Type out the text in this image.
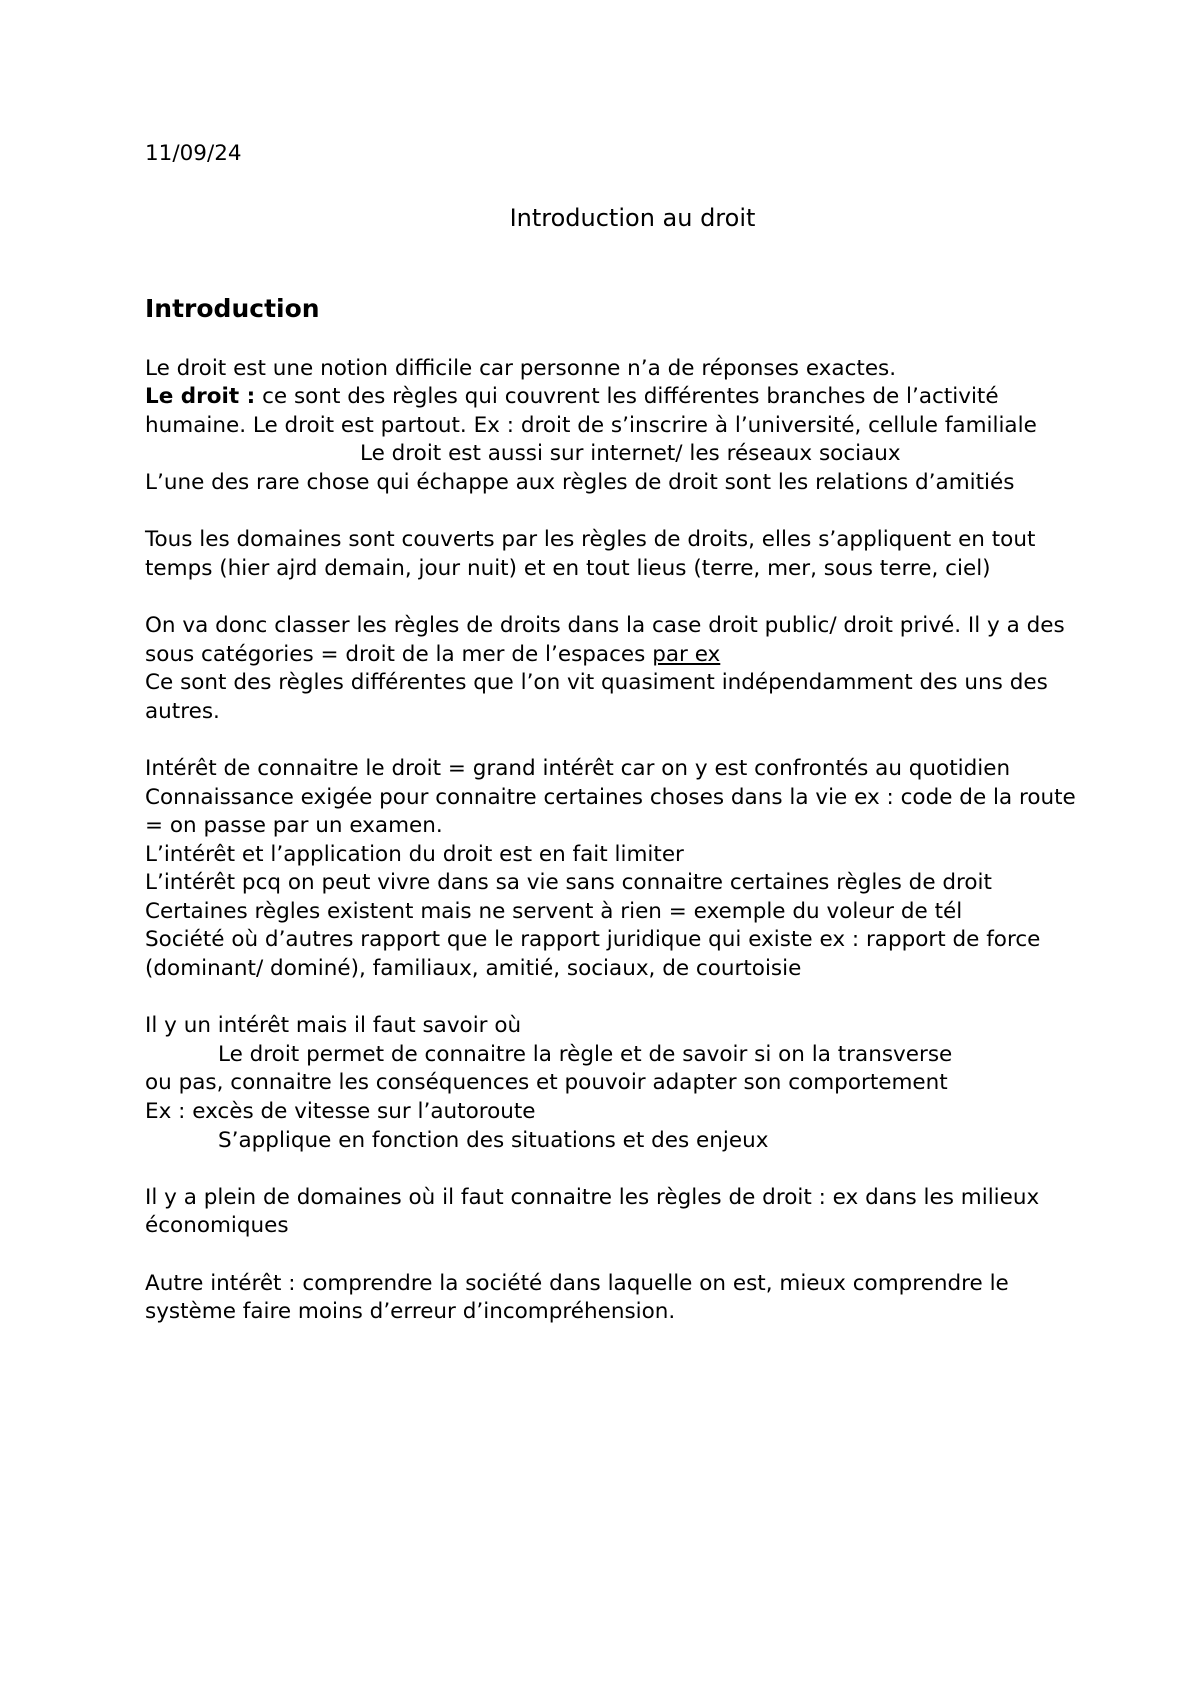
11/09/24

Introduction au droit
Introduction

Le droit est une notion difficile car personne n’a de réponses exactes.

Le droit : ce sont des règles qui couvrent les différentes branches de l’activité humaine. Le droit est partout. Ex : droit de s’inscrire à l’université, cellule familiale

Le droit est aussi sur internet/ les réseaux sociaux

L’une des rare chose qui échappe aux règles de droit sont les relations d’amitiés

Tous les domaines sont couverts par les règles de droits, elles s’appliquent en tout temps (hier ajrd demain, jour nuit) et en tout lieus (terre, mer, sous terre, ciel)

On va donc classer les règles de droits dans la case droit public/ droit privé. Il y a des sous catégories = droit de la mer de l’espaces par ex

Ce sont des règles différentes que l’on vit quasiment indépendamment des uns des autres.

Intérêt de connaitre le droit = grand intérêt car on y est confrontés au quotidien

Connaissance exigée pour connaitre certaines choses dans la vie ex : code de la route = on passe par un examen.

L’intérêt et l’application du droit est en fait limiter

L’intérêt pcq on peut vivre dans sa vie sans connaitre certaines règles de droit

Certaines règles existent mais ne servent à rien = exemple du voleur de tél

Société où d’autres rapport que le rapport juridique qui existe ex : rapport de force (dominant/ dominé), familiaux, amitié, sociaux, de courtoisie

Il y un intérêt mais il faut savoir où

Le droit permet de connaitre la règle et de savoir si on la transverse

ou pas, connaitre les conséquences et pouvoir adapter son comportement

Ex : excès de vitesse sur l’autoroute

S’applique en fonction des situations et des enjeux

Il y a plein de domaines où il faut connaitre les règles de droit : ex dans les milieux économiques

Autre intérêt : comprendre la société dans laquelle on est, mieux comprendre le système faire moins d’erreur d’incompréhension.
